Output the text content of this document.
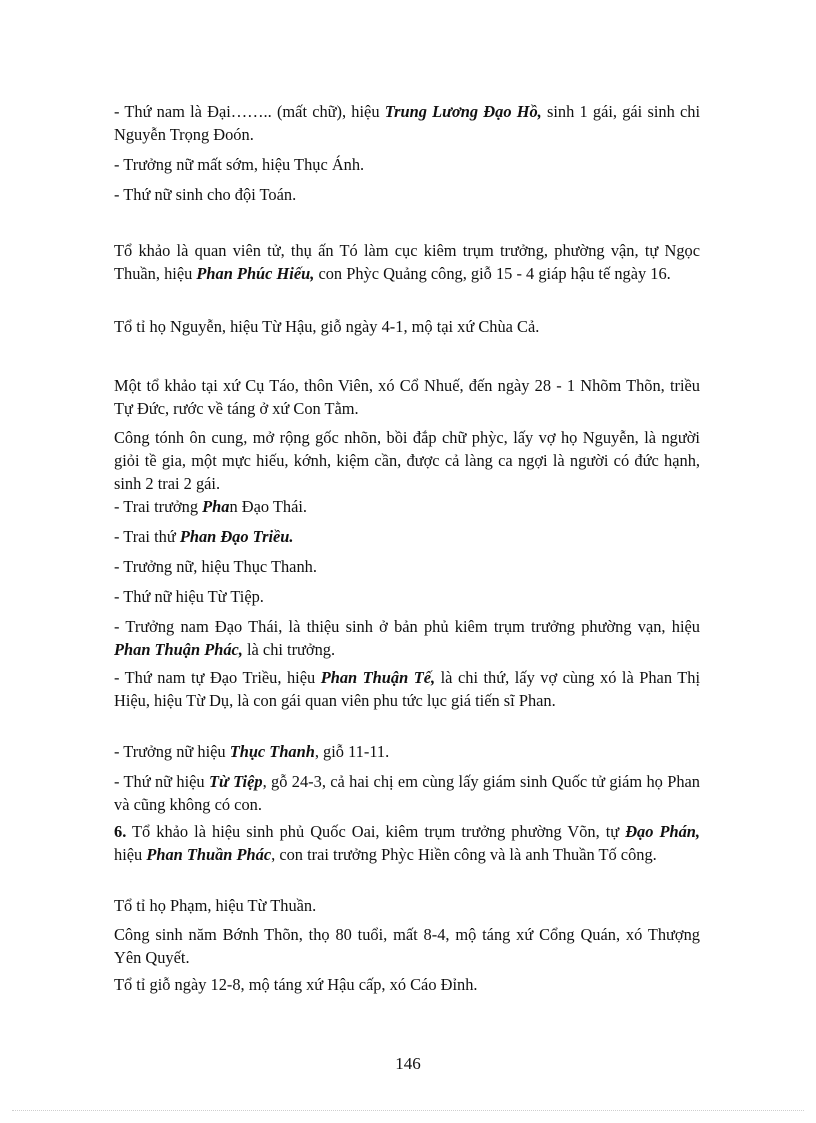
- Thứ nam là Đại…….. (mất chữ), hiệu Trung Lương Đạo Hồ, sinh 1 gái, gái sinh chi Nguyễn Trọng Đoón.

- Trưởng nữ mất sớm, hiệu Thục Ánh.

- Thứ nữ sinh cho đội Toán.

Tổ khảo là quan viên tử, thụ ấn Tó làm cục kiêm trụm trưởng, phường vận, tự Ngọc Thuần, hiệu Phan Phúc Hiếu, con Phỳc Quảng công, giỗ 15 - 4 giáp hậu tế ngày 16.

Tổ tỉ họ Nguyễn, hiệu Từ Hậu, giỗ ngày 4-1, mộ tại xứ Chùa Cả.

Một tổ khảo tại xứ Cụ Táo, thôn Viên, xó Cổ Nhuế, đến ngày 28 - 1 Nhõm Thõn, triều Tự Đức, rước về táng ở xứ Con Tằm.

Công tónh ôn cung, mở rộng gốc nhõn, bồi đắp chữ phỳc, lấy vợ họ Nguyễn, là người giỏi tề gia, một mực hiếu, kớnh, kiệm cần, được cả làng ca ngợi là người có đức hạnh, sinh 2 trai 2 gái.

- Trai trưởng Phan Đạo Thái.

- Trai thứ Phan Đạo Triều.

- Trưởng nữ, hiệu Thục Thanh.

- Thứ nữ hiệu Từ Tiệp.

- Trưởng nam Đạo Thái, là thiệu sinh ở bản phủ kiêm trụm trưởng phường vạn, hiệu Phan Thuận Phác, là chi trưởng.

- Thứ nam tự Đạo Triều, hiệu Phan Thuận Tế, là chi thứ, lấy vợ cùng xó là Phan Thị Hiệu, hiệu Từ Dụ, là con gái quan viên phu tức lục giá tiến sĩ Phan.

- Trưởng nữ hiệu Thục Thanh, giỗ 11-11.

- Thứ nữ hiệu Từ Tiệp, gỗ 24-3, cả hai chị em cùng lấy giám sinh Quốc tử giám họ Phan và cũng không có con.

6. Tổ khảo là hiệu sinh phủ Quốc Oai, kiêm trụm trưởng phường Võn, tự Đạo Phán, hiệu Phan Thuần Phác, con trai trưởng Phỳc Hiền công và là anh Thuần Tố công.

Tổ tỉ họ Phạm, hiệu Từ Thuần.

Công sinh năm Bớnh Thõn, thọ 80 tuổi, mất 8-4, mộ táng xứ Cổng Quán, xó Thượng Yên Quyết.

Tổ tỉ giỗ ngày 12-8, mộ táng xứ Hậu cấp, xó Cáo Đỉnh.

146
